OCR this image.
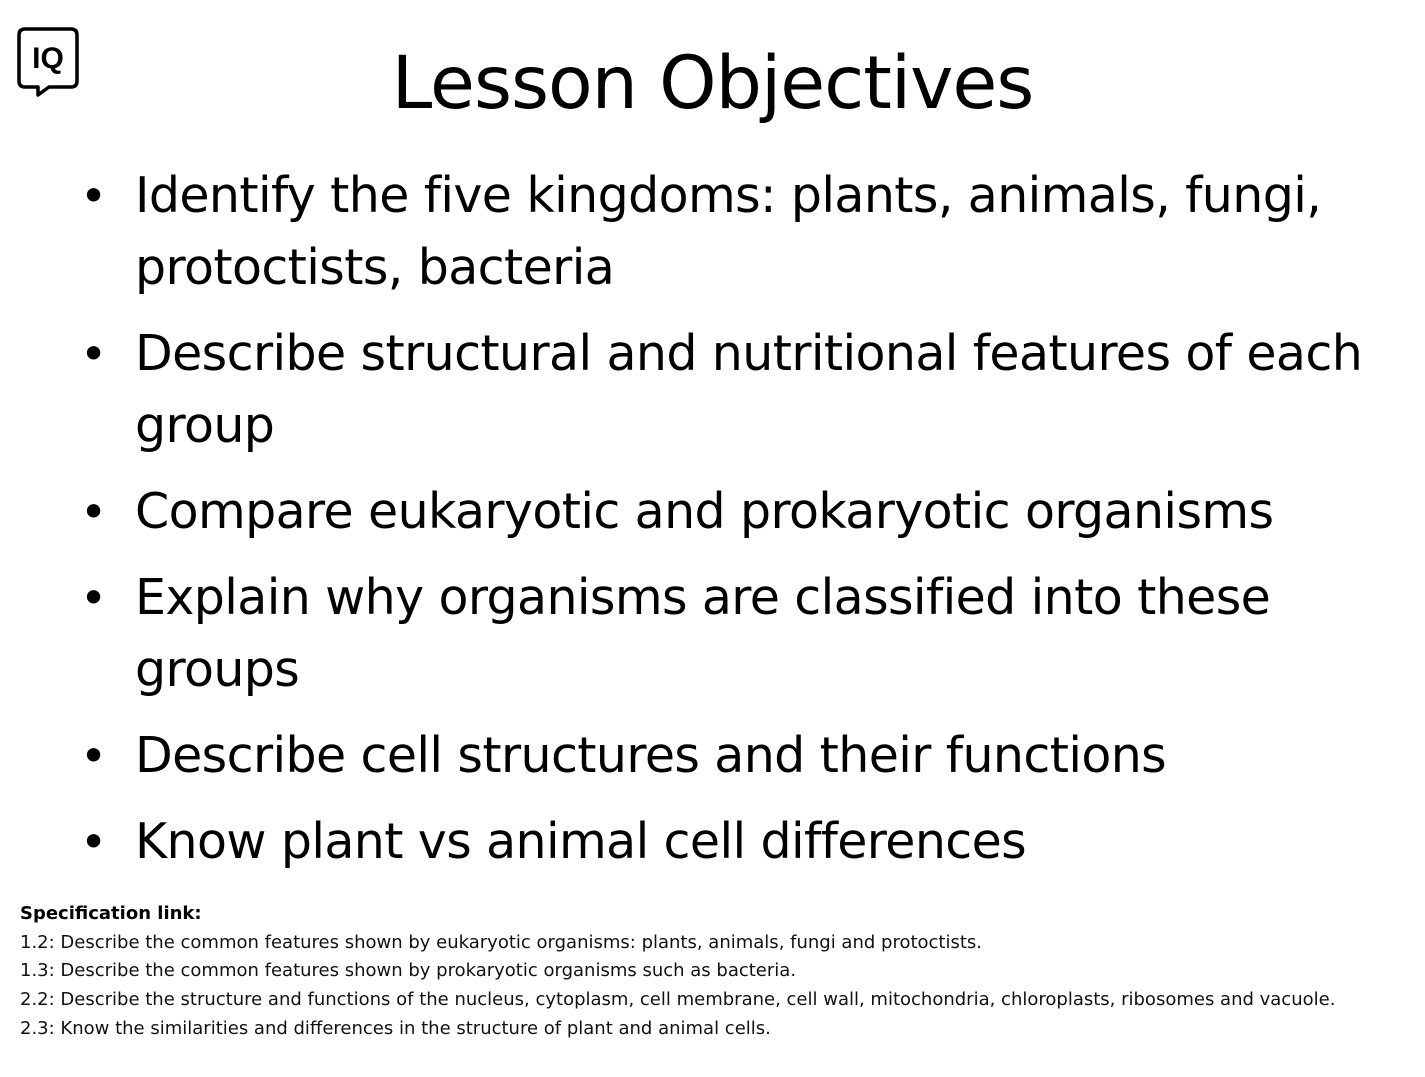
IQ	Lesson Objectives
• Identify the five kingdoms: plants, animals, fungi, protoctists, bacteria
• Describe structural and nutritional features of each group
• Compare eukaryotic and prokaryotic organisms
• Explain why organisms are classified into these groups
• Describe cell structures and their functions
• Know plant vs animal cell differences
Specification link:
1.2: Describe the common features shown by eukaryotic organisms: plants, animals, fungi and protoctists.
1.3: Describe the common features shown by prokaryotic organisms such as bacteria.
2.2: Describe the structure and functions of the nucleus, cytoplasm, cell membrane, cell wall, mitochondria, chloroplasts, ribosomes and vacuole.
2.3: Know the similarities and differences in the structure of plant and animal cells.
